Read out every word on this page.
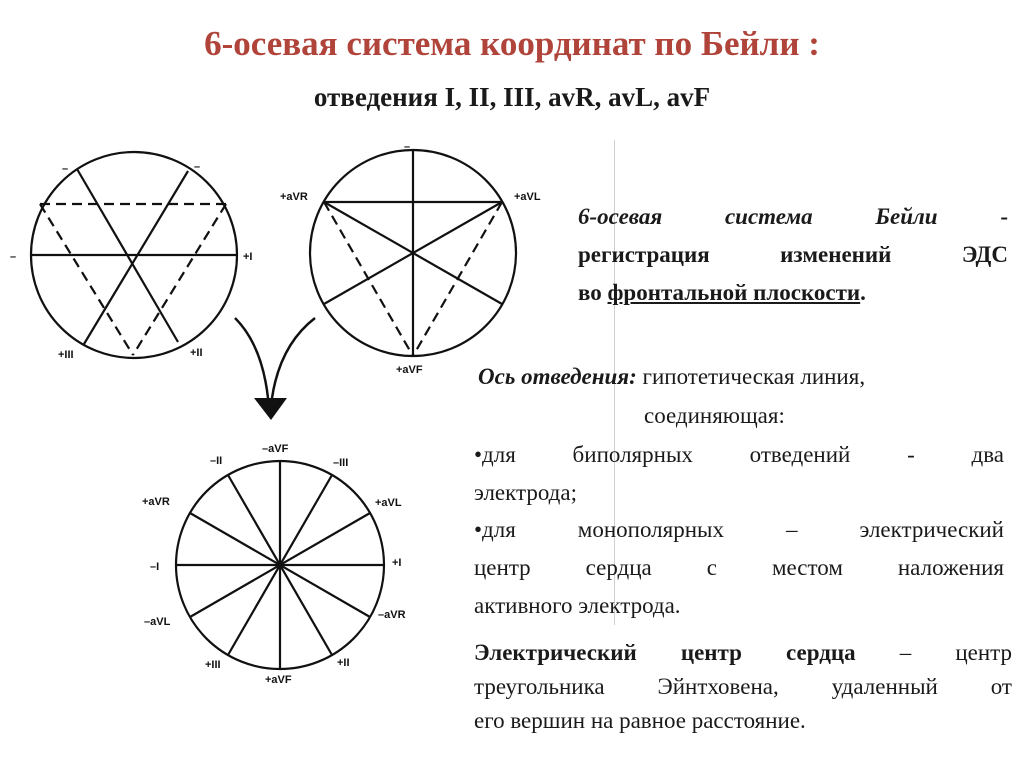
6-осевая система координат по Бейли :
отведения I, II, III, avR, avL, avF
–	–
–	+I
+III	+II
–
+aVR	+aVL
+aVF
–II
–aVF
–III
+aVR	+aVL
–I	+I
–aVL
–aVR
+III	+II
+aVF
6-осевая система Бейли	-
регистрация изменений ЭДС
во фронтальной плоскости.
Ось отведения: гипотетическая линия,
соединяющая:
•для биполярных отведений - два
электрода;
•для монополярных – электрический
центр сердца с местом наложения
активного электрода.
Электрический центр сердца – центр
треугольника Эйнтховена, удаленный от
его вершин на равное расстояние.
